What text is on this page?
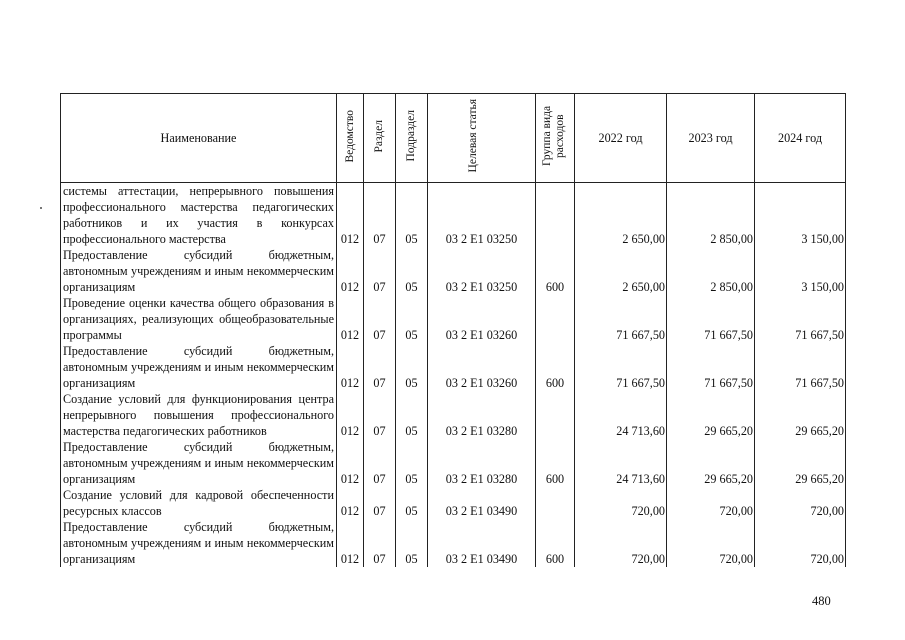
Наименование	Ведомство	Раздел	Подраздел	Целевая статья	Группа вида расходов	2022 год	2023 год	2024 год
системы аттестации, непрерывного повышения профессионального мастерства педагогических работников и их участия в конкурсах профессионального мастерства	012	07	05	03 2 E1 03250		2 650,00	2 850,00	3 150,00
Предоставление субсидий бюджетным, автономным учреждениям и иным некоммерческим организациям	012	07	05	03 2 E1 03250	600	2 650,00	2 850,00	3 150,00
Проведение оценки качества общего образования в организациях, реализующих общеобразовательные программы	012	07	05	03 2 E1 03260		71 667,50	71 667,50	71 667,50
Предоставление субсидий бюджетным, автономным учреждениям и иным некоммерческим организациям	012	07	05	03 2 E1 03260	600	71 667,50	71 667,50	71 667,50
Создание условий для функционирования центра непрерывного повышения профессионального мастерства педагогических работников	012	07	05	03 2 E1 03280		24 713,60	29 665,20	29 665,20
Предоставление субсидий бюджетным, автономным учреждениям и иным некоммерческим организациям	012	07	05	03 2 E1 03280	600	24 713,60	29 665,20	29 665,20
Создание условий для кадровой обеспеченности ресурсных классов	012	07	05	03 2 E1 03490		720,00	720,00	720,00
Предоставление субсидий бюджетным, автономным учреждениям и иным некоммерческим организациям	012	07	05	03 2 E1 03490	600	720,00	720,00	720,00
480
